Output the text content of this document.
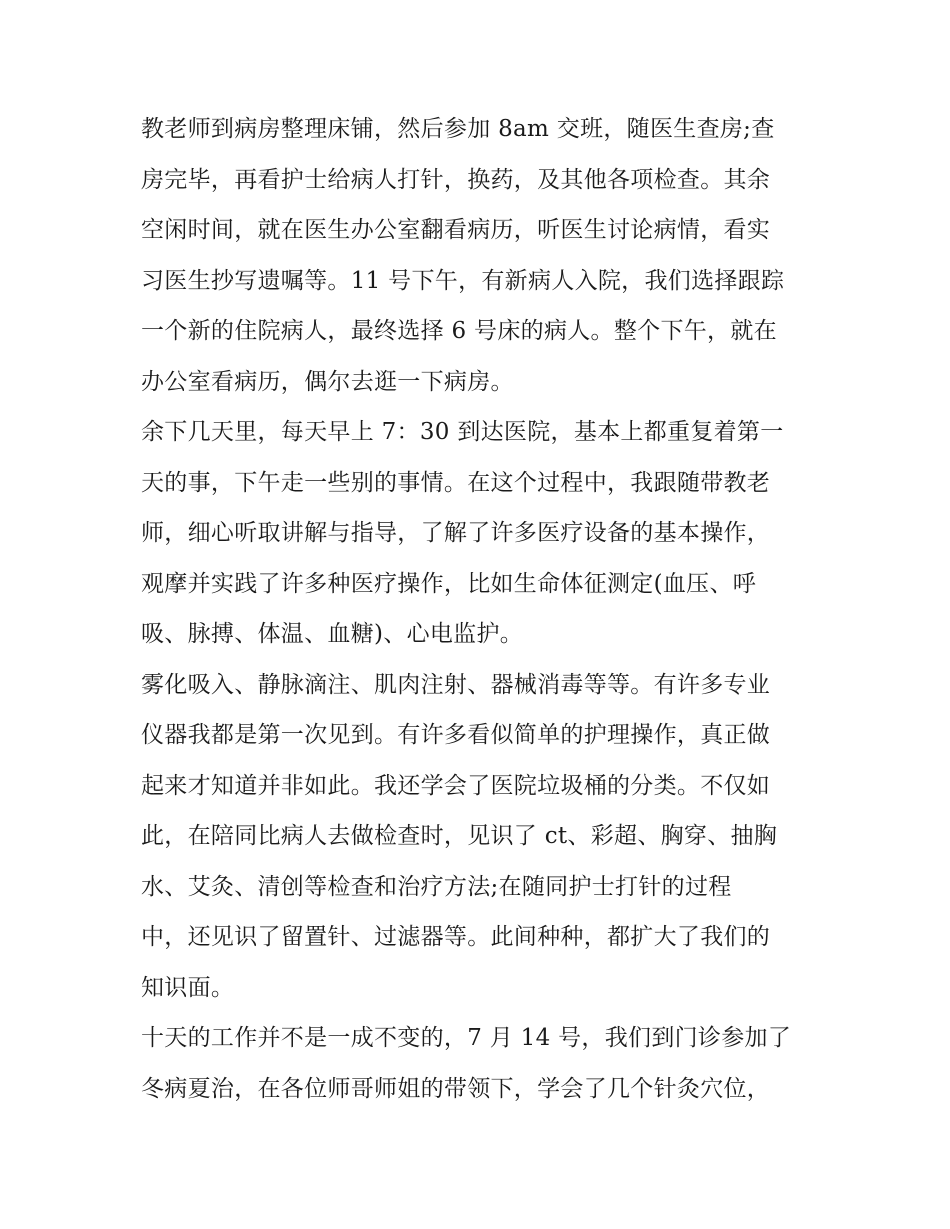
教老师到病房整理床铺，然后参加 8am 交班，随医生查房;查
房完毕，再看护士给病人打针，换药，及其他各项检查。其余
空闲时间，就在医生办公室翻看病历，听医生讨论病情，看实
习医生抄写遗嘱等。11 号下午，有新病人入院，我们选择跟踪
一个新的住院病人，最终选择 6 号床的病人。整个下午，就在
办公室看病历，偶尔去逛一下病房。
余下几天里，每天早上 7：30 到达医院，基本上都重复着第一
天的事，下午走一些别的事情。在这个过程中，我跟随带教老
师，细心听取讲解与指导，了解了许多医疗设备的基本操作，
观摩并实践了许多种医疗操作，比如生命体征测定(血压、呼
吸、脉搏、体温、血糖)、心电监护。
雾化吸入、静脉滴注、肌肉注射、器械消毒等等。有许多专业
仪器我都是第一次见到。有许多看似简单的护理操作，真正做
起来才知道并非如此。我还学会了医院垃圾桶的分类。不仅如
此，在陪同比病人去做检查时，见识了 ct、彩超、胸穿、抽胸
水、艾灸、清创等检查和治疗方法;在随同护士打针的过程
中，还见识了留置针、过滤器等。此间种种，都扩大了我们的
知识面。
十天的工作并不是一成不变的，7 月 14 号，我们到门诊参加了
冬病夏治，在各位师哥师姐的带领下，学会了几个针灸穴位，
